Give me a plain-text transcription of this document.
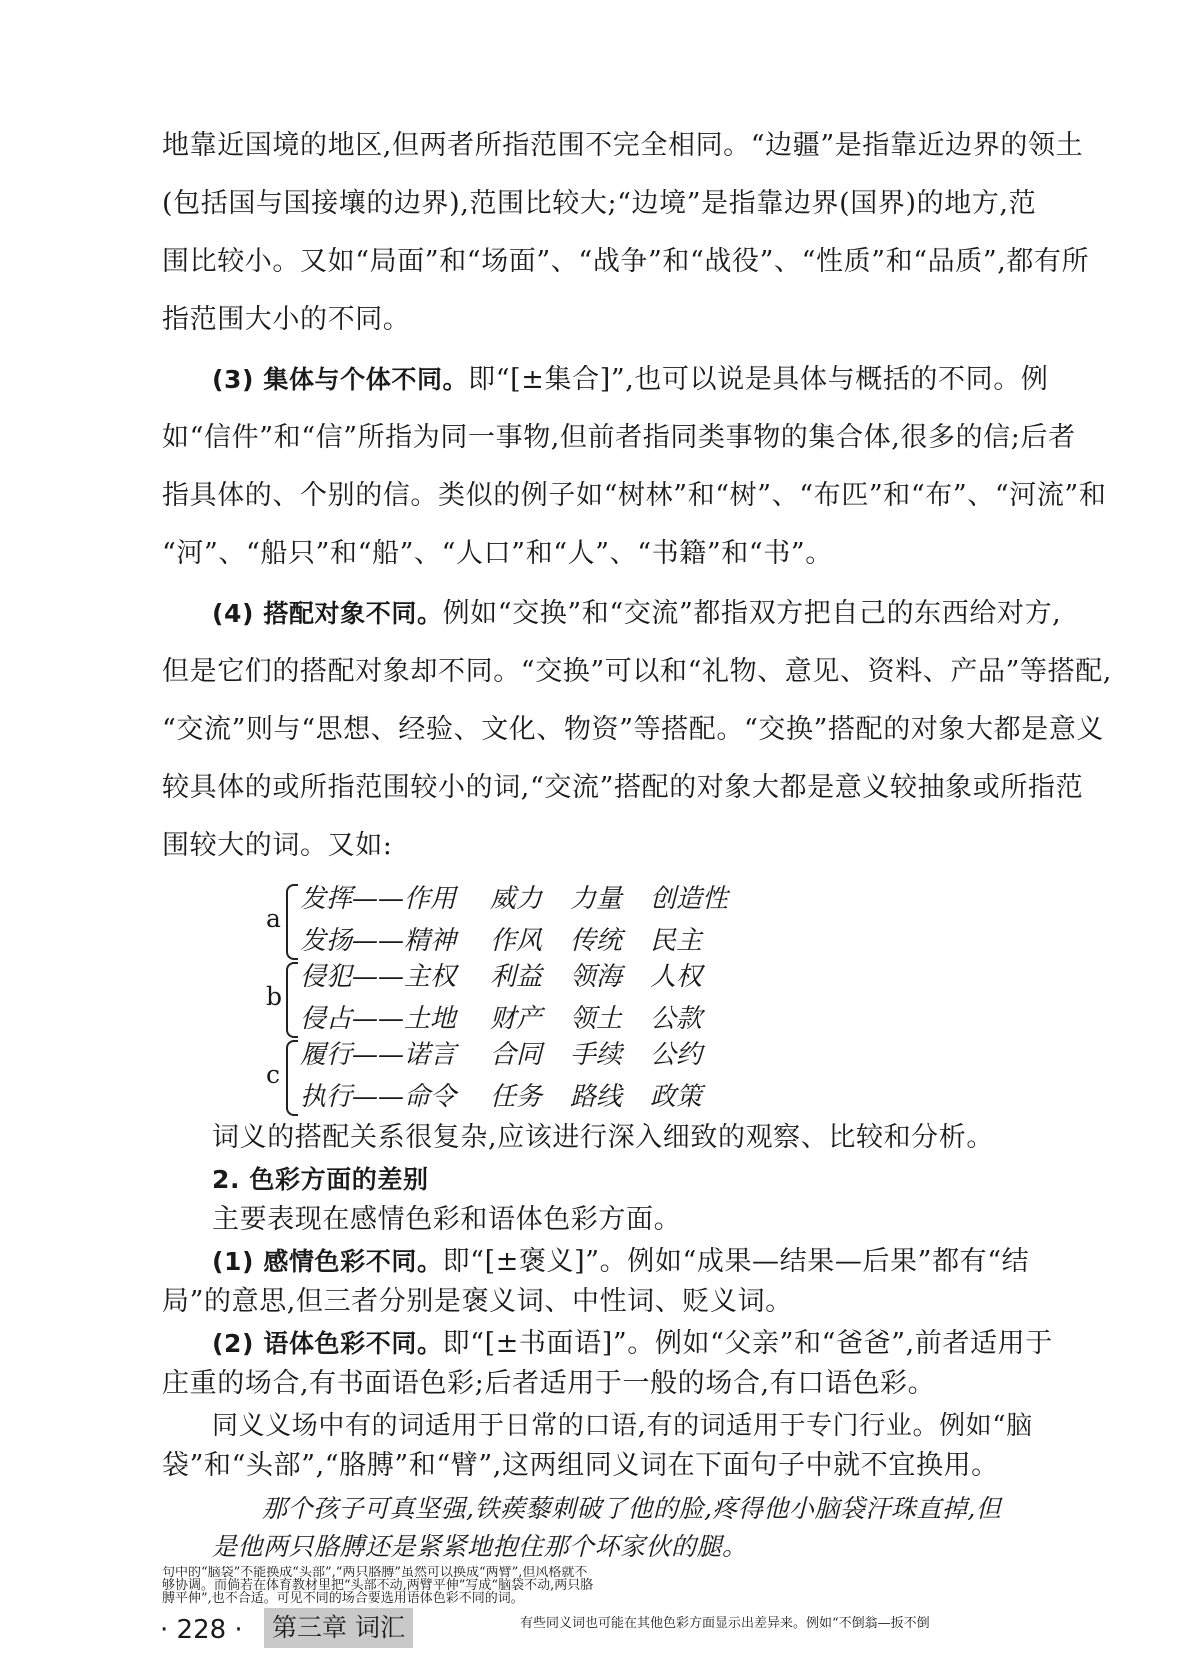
地靠近国境的地区,但两者所指范围不完全相同。“边疆”是指靠近边界的领土
(包括国与国接壤的边界),范围比较大;“边境”是指靠边界(国界)的地方,范
围比较小。又如“局面”和“场面”、“战争”和“战役”、“性质”和“品质”,都有所
指范围大小的不同。
(3) 集体与个体不同。即“[±集合]”,也可以说是具体与概括的不同。例
如“信件”和“信”所指为同一事物,但前者指同类事物的集合体,很多的信;后者
指具体的、个别的信。类似的例子如“树林”和“树”、“布匹”和“布”、“河流”和
“河”、“船只”和“船”、“人口”和“人”、“书籍”和“书”。
(4) 搭配对象不同。例如“交换”和“交流”都指双方把自己的东西给对方,
但是它们的搭配对象却不同。“交换”可以和“礼物、意见、资料、产品”等搭配,
“交流”则与“思想、经验、文化、物资”等搭配。“交换”搭配的对象大都是意义
较具体的或所指范围较小的词,“交流”搭配的对象大都是意义较抽象或所指范
围较大的词。又如:
a
发挥——作用 威力 力量 创造性
发扬——精神 作风 传统 民主
b
侵犯——主权 利益 领海 人权
侵占——土地 财产 领土 公款
c
履行——诺言 合同 手续 公约
执行——命令 任务 路线 政策
词义的搭配关系很复杂,应该进行深入细致的观察、比较和分析。
2. 色彩方面的差别
主要表现在感情色彩和语体色彩方面。
(1) 感情色彩不同。即“[±褒义]”。例如“成果—结果—后果”都有“结
局”的意思,但三者分别是褒义词、中性词、贬义词。
(2) 语体色彩不同。即“[±书面语]”。例如“父亲”和“爸爸”,前者适用于
庄重的场合,有书面语色彩;后者适用于一般的场合,有口语色彩。
同义义场中有的词适用于日常的口语,有的词适用于专门行业。例如“脑
袋”和“头部”,“胳膊”和“臂”,这两组同义词在下面句子中就不宜换用。
那个孩子可真坚强,铁蒺藜刺破了他的脸,疼得他小脑袋汗珠直掉,但
是他两只胳膊还是紧紧地抱住那个坏家伙的腿。
句中的“脑袋”不能换成“头部”,“两只胳膊”虽然可以换成“两臂”,但风格就不
够协调。而倘若在体育教材里把“头部不动,两臂平伸”写成“脑袋不动,两只胳
膊平伸”,也不合适。可见不同的场合要选用语体色彩不同的词。
有些同义词也可能在其他色彩方面显示出差异来。例如“不倒翁—扳不倒
· 228 ·	第三章 词汇
